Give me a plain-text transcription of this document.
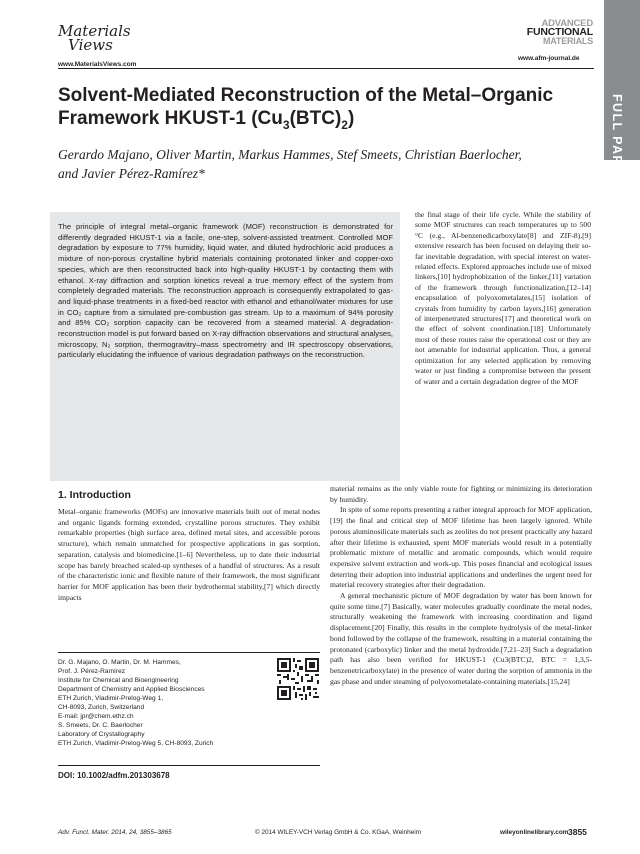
Materials
Views
www.MaterialsViews.com
ADVANCED
FUNCTIONAL
MATERIALS
www.afm-journal.de
FULL PAPER
Solvent-Mediated Reconstruction of the Metal–Organic
Framework HKUST-1 $(Cu_3(BTC)_2)$
Gerardo Majano, Oliver Martin, Markus Hammes, Stef Smeets, Christian Baerlocher,
and Javier Pérez-Ramírez*
The principle of integral metal–organic framework (MOF) reconstruction is demonstrated for differently degraded HKUST-1 via a facile, one-step, solvent-assisted treatment. Controlled MOF degradation by exposure to 77% humidity, liquid water, and diluted hydrochloric acid produces a mixture of non-porous crystalline hybrid materials containing protonated linker and copper-oxo species, which are then reconstructed back into high-quality HKUST-1 by contacting them with ethanol. X-ray diffraction and sorption kinetics reveal a true memory effect of the system from completely degraded materials. The reconstruction approach is consequently extrapolated to gas- and liquid-phase treatments in a fixed-bed reactor with ethanol and ethanol/water mixtures for use in CO₂ capture from a simulated pre-combustion gas stream. Up to a maximum of 94% porosity and 85% CO₂ sorption capacity can be recovered from a steamed material. A degradation-reconstruction model is put forward based on X-ray diffraction observations and structural analyses, microscopy, N₂ sorption, thermogravitry–mass spectrometry and IR spectroscopy observations, particularly elucidating the influence of various degradation pathways on the reconstruction.
the final stage of their life cycle. While the stability of some MOF structures can reach temperatures up to 500 °C (e.g., Al-benzenedicarboxylate[8] and ZIF-8),[9] extensive research has been focused on delaying their so-far inevitable degradation, with special interest on water-related effects. Explored approaches include use of mixed linkers,[10] hydrophobization of the linker,[11] variation of the framework through functionalization,[12–14] encapsulation of polyoxometalates,[15] isolation of crystals from humidity by carbon layers,[16] generation of interpenetrated structures[17] and theoretical work on the effect of solvent coordination.[18] Unfortunately most of these routes raise the operational cost or they are not amenable for industrial application. Thus, a general optimization for any selected application by removing water or just finding a compromise between the present of water and a certain degradation degree of the MOF

material remains as the only viable route for fighting or minimizing its deterioration by humidity.

In spite of some reports presenting a rather integral approach for MOF application,[19] the final and critical step of MOF lifetime has been largely ignored. While porous aluminosilicate materials such as zeolites do not present practically any hazard after their lifetime is exhausted, spent MOF materials would result in a potentially problematic mixture of metallic and aromatic compounds, which would require expensive solvent extraction and work-up. This poses financial and ecological issues deterring their adoption into industrial applications and underlines the urgent need for material recovery strategies after their degradation.

A general mechanistic picture of MOF degradation by water has been known for quite some time.[7] Basically, water molecules gradually coordinate the metal nodes, structurally weakening the framework with increasing coordination and ligand displacement.[20] Finally, this results in the complete hydrolysis of the metal-linker bond followed by the collapse of the framework, resulting in a material containing the protonated (carboxylic) linker and the metal hydroxide.[7,21–23] Such a degradation path has also been verified for HKUST-1 (Cu3(BTC)2, BTC = 1,3,5-benzenetricarboxylate) in the presence of water during the sorption of ammonia in the gas phase and under steaming of polyoxometalate-containing materials.[15,24]

1. Introduction

Metal–organic frameworks (MOFs) are innovative materials built out of metal nodes and organic ligands forming extended, crystalline porous structures. They exhibit remarkable properties (high surface area, defined metal sites, and accessible porous structure), which remain unmatched for prospective applications in gas sorption, separation, catalysis and biomedicine.[1–6] Nevertheless, up to date their industrial scope has barely breached scaled-up syntheses of a handful of structures. As a result of the characteristic ionic and flexible nature of their framework, the most significant barrier for MOF application has been their hydrothermal stability,[7] which directly impacts

Dr. G. Majano, O. Martin, Dr. M. Hammes,
Prof. J. Pérez-Ramírez
Institute for Chemical and Bioengineering
Department of Chemistry and Applied Biosciences
ETH Zurich, Vladimir-Prelog-Weg 1,
CH-8093, Zurich, Switzerland
E-mail: jpr@chem.ethz.ch
S. Smeets, Dr. C. Baerlocher
Laboratory of Crystallography
ETH Zurich, Vladimir-Prelog-Weg 5, CH-8093, Zurich
DOI: 10.1002/adfm.201303678
Adv. Funct. Mater. 2014, 24, 3855–3865	© 2014 WILEY-VCH Verlag GmbH & Co. KGaA, Weinheim	wileyonlinelibrary.com 3855
